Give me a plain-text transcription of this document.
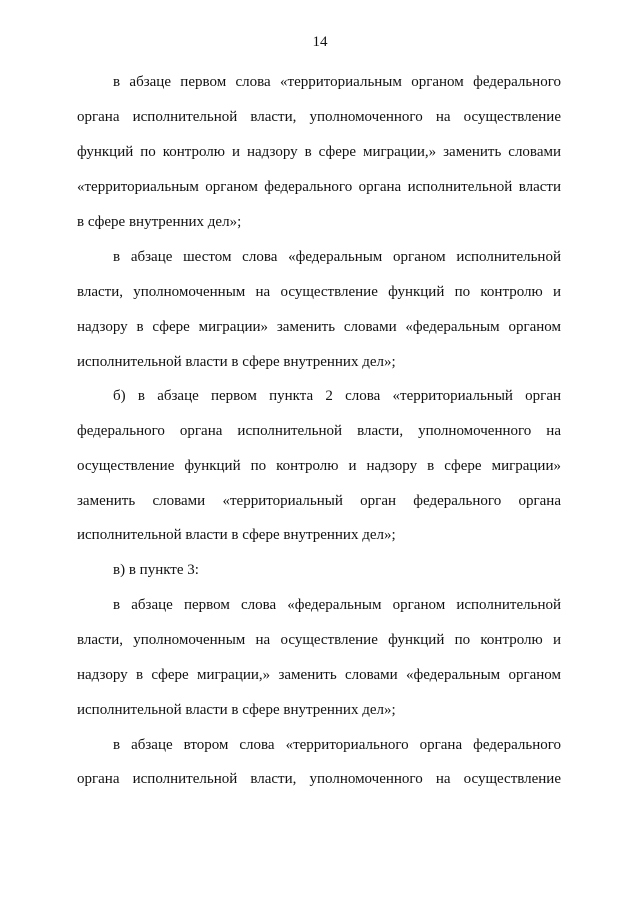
14
в абзаце первом слова «территориальным органом федерального
органа исполнительной власти, уполномоченного на осуществление
функций по контролю и надзору в сфере миграции,» заменить словами
«территориальным органом федерального органа исполнительной власти
в сфере внутренних дел»;
в абзаце шестом слова «федеральным органом исполнительной
власти, уполномоченным на осуществление функций по контролю и
надзору в сфере миграции» заменить словами «федеральным органом
исполнительной власти в сфере внутренних дел»;
б) в абзаце первом пункта 2 слова «территориальный орган
федерального органа исполнительной власти, уполномоченного на
осуществление функций по контролю и надзору в сфере миграции»
заменить словами «территориальный орган федерального органа
исполнительной власти в сфере внутренних дел»;
в) в пункте 3:
в абзаце первом слова «федеральным органом исполнительной
власти, уполномоченным на осуществление функций по контролю и
надзору в сфере миграции,» заменить словами «федеральным органом
исполнительной власти в сфере внутренних дел»;
в абзаце втором слова «территориального органа федерального
органа исполнительной власти, уполномоченного на осуществление
